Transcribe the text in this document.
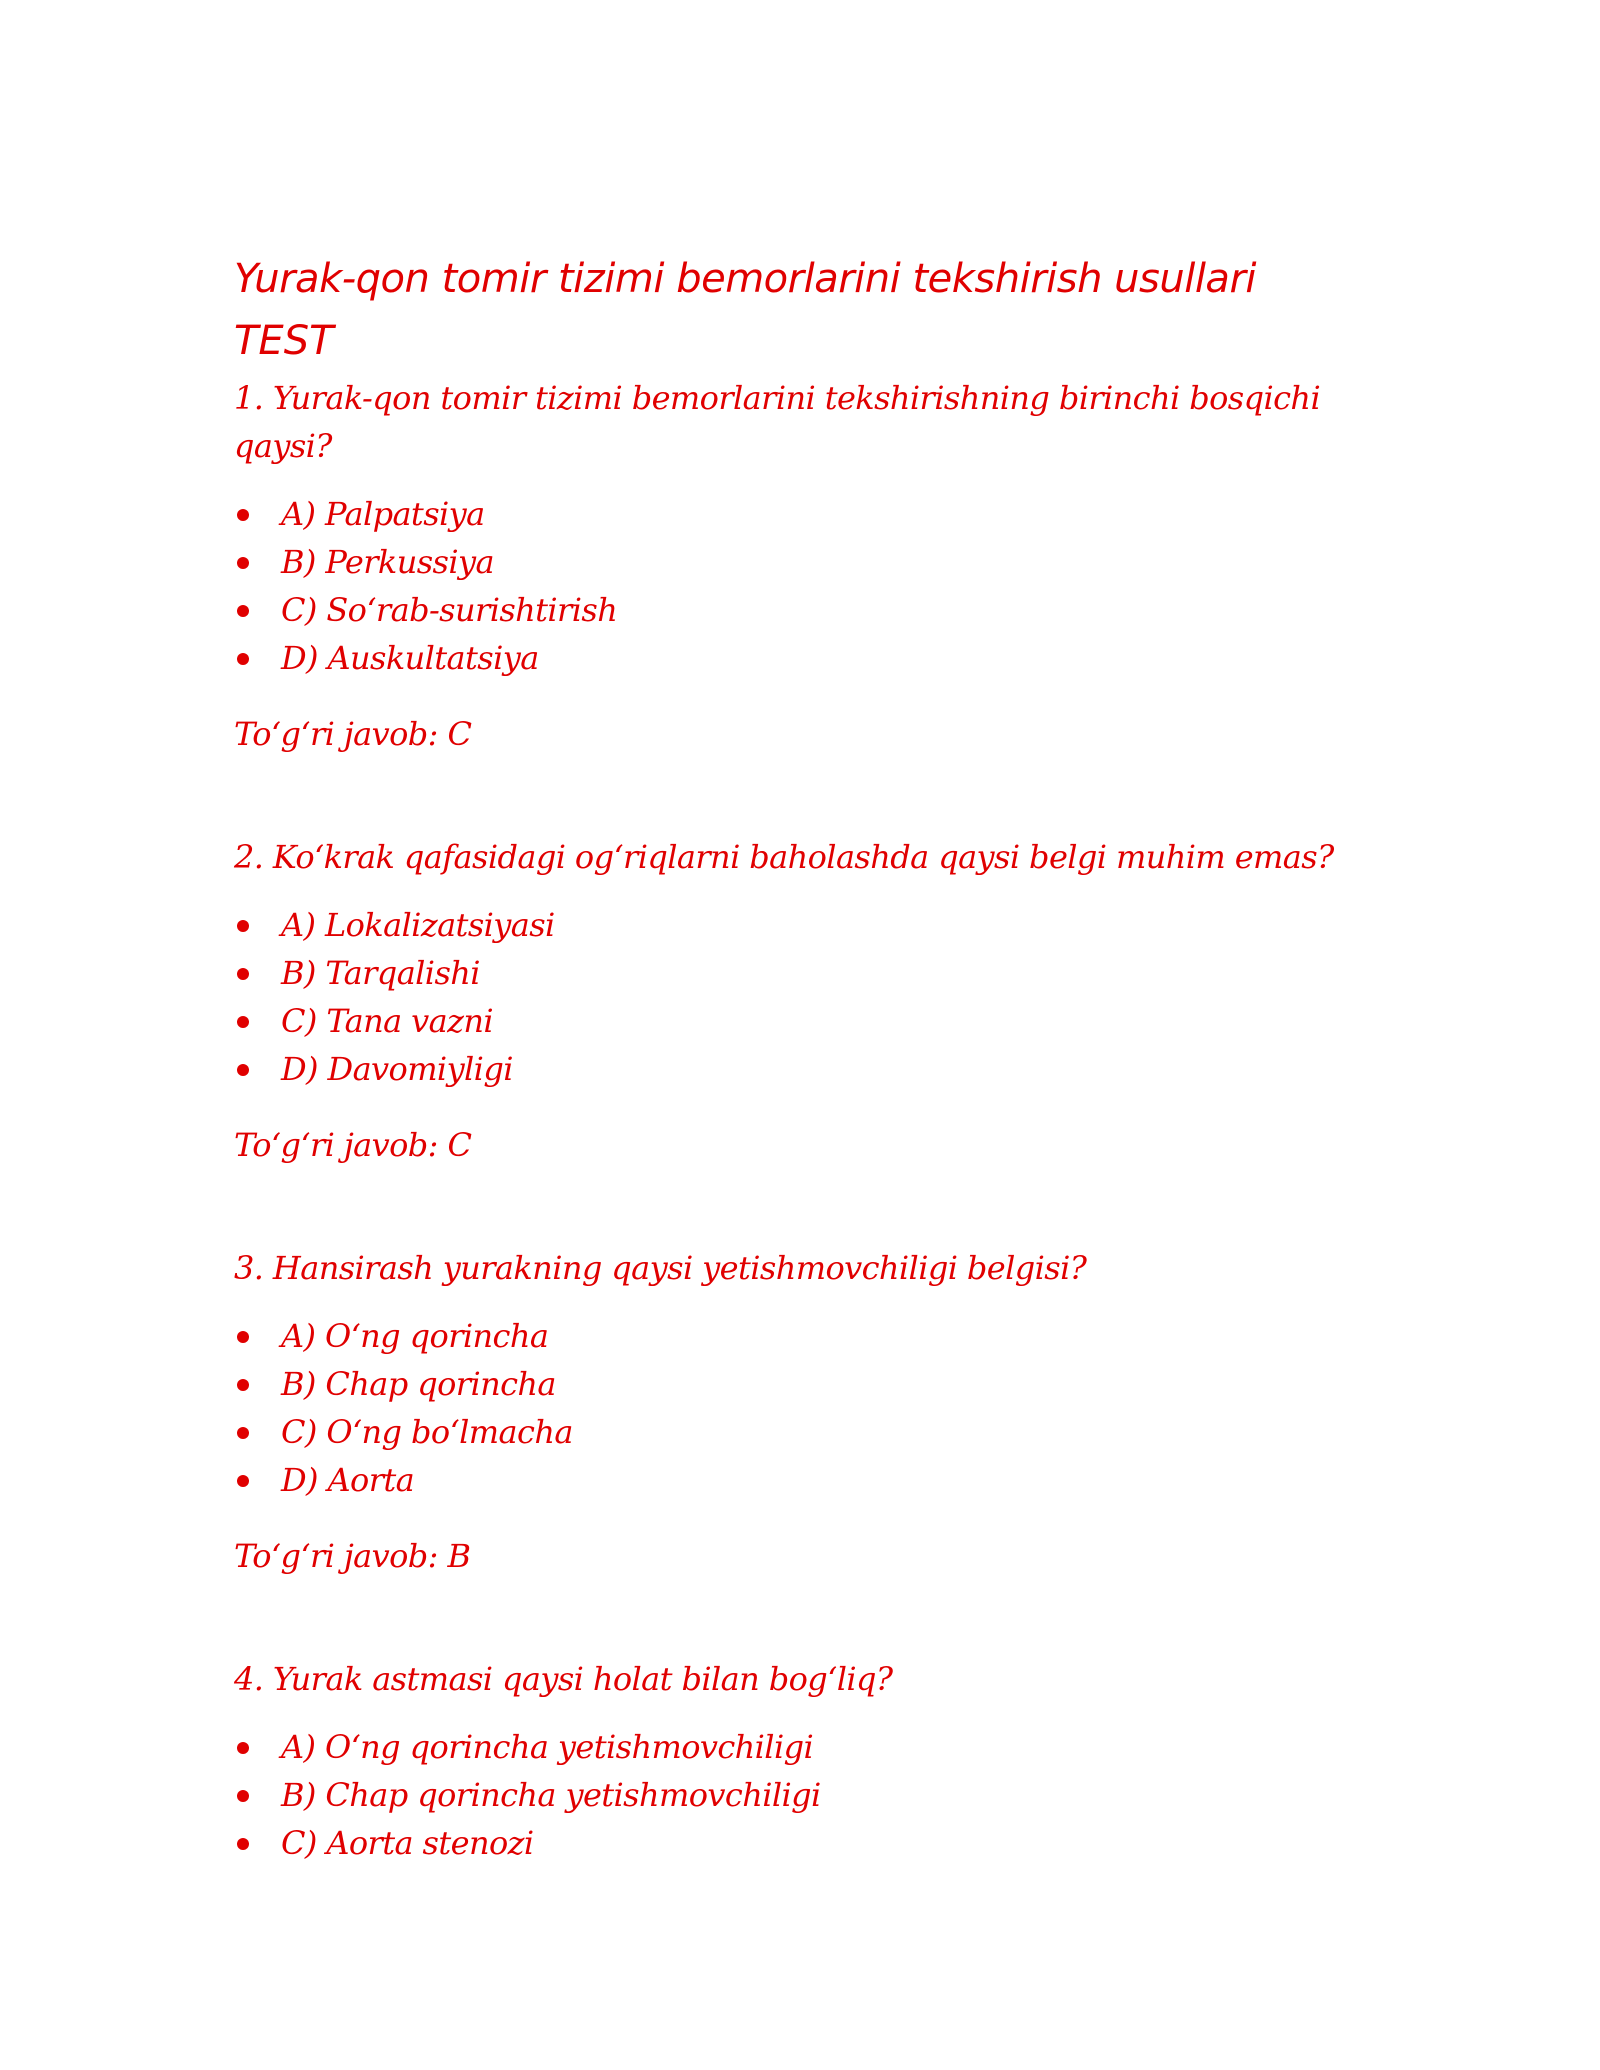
Yurak-qon tomir tizimi bemorlarini tekshirish usullari
TEST

1. Yurak-qon tomir tizimi bemorlarini tekshirishning birinchi bosqichi qaysi?

A) Palpatsiya
B) Perkussiya
C) So‘rab-surishtirish
D) Auskultatsiya

To‘g‘ri javob: C

2. Ko‘krak qafasidagi og‘riqlarni baholashda qaysi belgi muhim emas?

A) Lokalizatsiyasi
B) Tarqalishi
C) Tana vazni
D) Davomiyligi

To‘g‘ri javob: C

3. Hansirash yurakning qaysi yetishmovchiligi belgisi?

A) O‘ng qorincha
B) Chap qorincha
C) O‘ng bo‘lmacha
D) Aorta

To‘g‘ri javob: B

4. Yurak astmasi qaysi holat bilan bog‘liq?

A) O‘ng qorincha yetishmovchiligi
B) Chap qorincha yetishmovchiligi
C) Aorta stenozi
